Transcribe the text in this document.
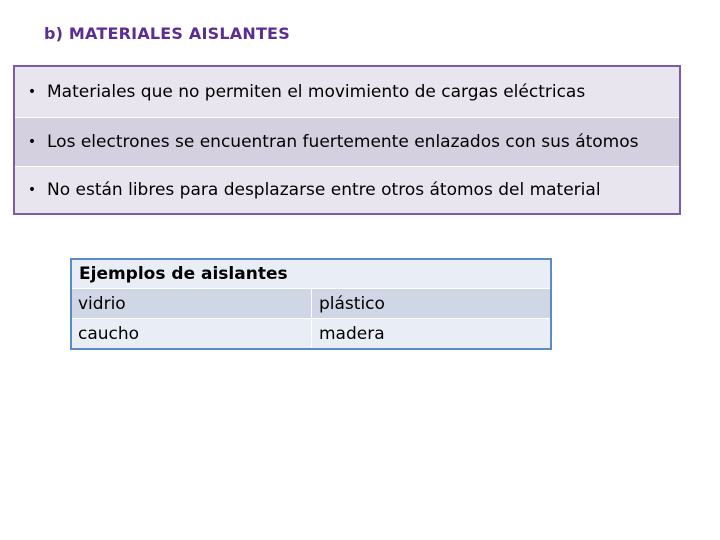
b) MATERIALES AISLANTES
• Materiales que no permiten el movimiento de cargas eléctricas
• Los electrones se encuentran fuertemente enlazados con sus átomos
• No están libres para desplazarse entre otros átomos del material
Ejemplos de aislantes
vidrio	plástico
caucho	madera
